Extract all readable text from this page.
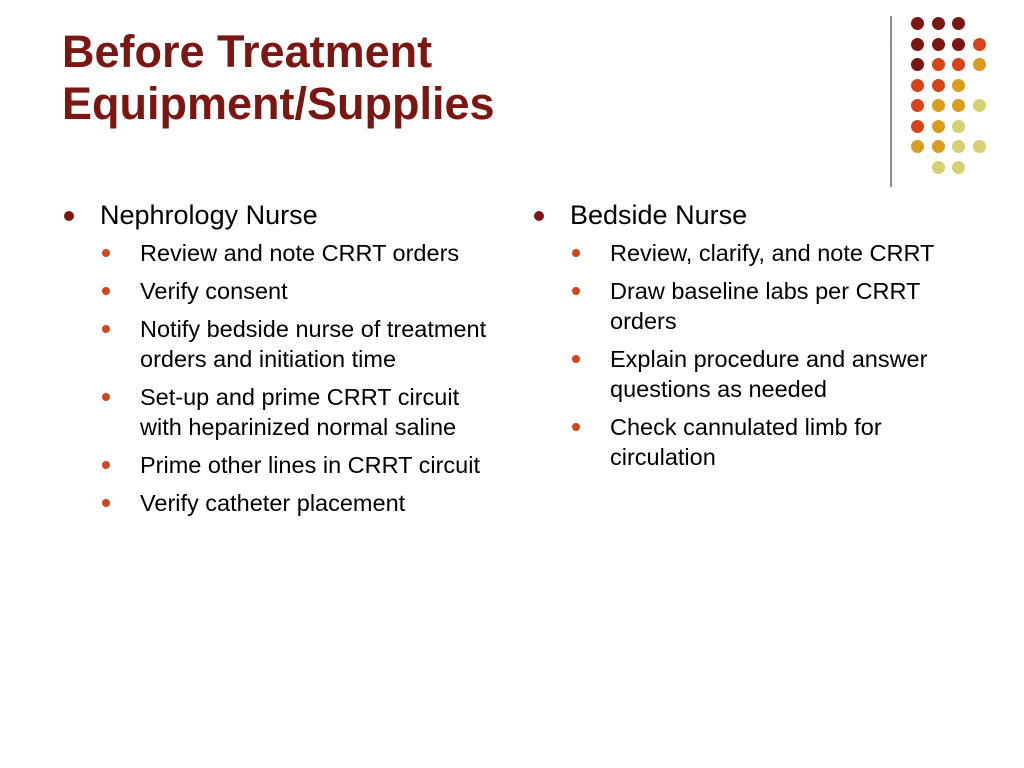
Before Treatment
Equipment/Supplies
Nephrology Nurse
Review and note CRRT orders
Verify consent
Notify bedside nurse of treatment orders and initiation time
Set-up and prime CRRT circuit with heparinized normal saline
Prime other lines in CRRT circuit
Verify catheter placement
Bedside Nurse
Review, clarify, and note CRRT
Draw baseline labs per CRRT orders
Explain procedure and answer questions as needed
Check cannulated limb for circulation
